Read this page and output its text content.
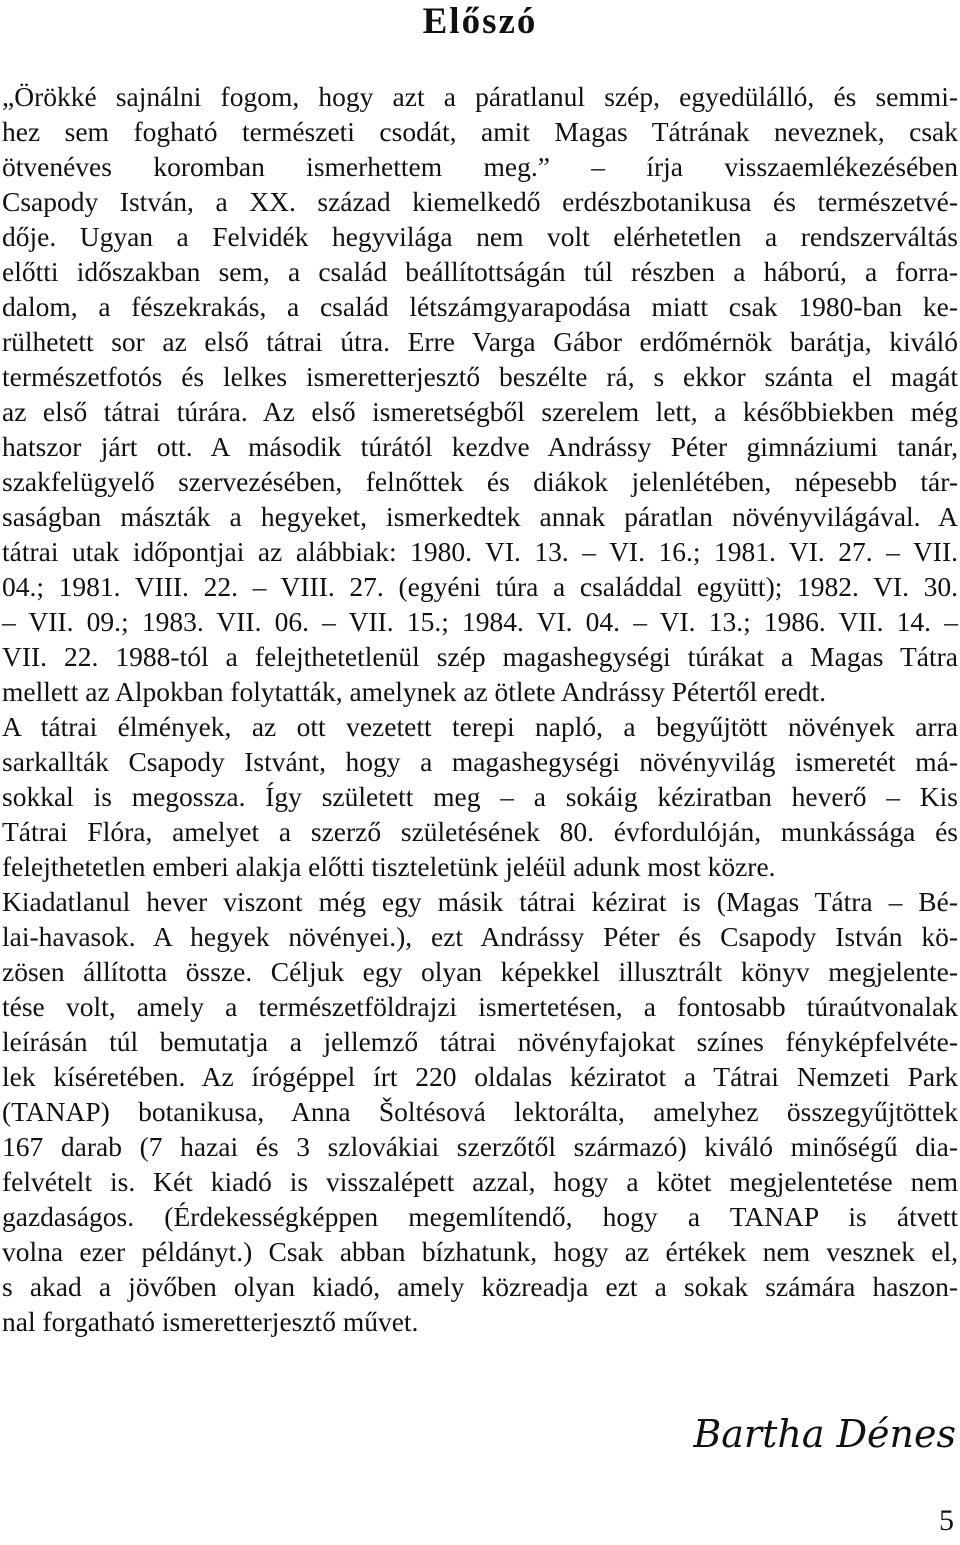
Előszó
„Örökké sajnálni fogom, hogy azt a páratlanul szép, egyedülálló, és semmi-
hez sem fogható természeti csodát, amit Magas Tátrának neveznek, csak
ötvenéves koromban ismerhettem meg.” – írja visszaemlékezésében
Csapody István, a XX. század kiemelkedő erdészbotanikusa és természetvé-
dője. Ugyan a Felvidék hegyvilága nem volt elérhetetlen a rendszerváltás
előtti időszakban sem, a család beállítottságán túl részben a háború, a forra-
dalom, a fészekrakás, a család létszámgyarapodása miatt csak 1980-ban ke-
rülhetett sor az első tátrai útra. Erre Varga Gábor erdőmérnök barátja, kiváló
természetfotós és lelkes ismeretterjesztő beszélte rá, s ekkor szánta el magát
az első tátrai túrára. Az első ismeretségből szerelem lett, a későbbiekben még
hatszor járt ott. A második túrától kezdve Andrássy Péter gimnáziumi tanár,
szakfelügyelő szervezésében, felnőttek és diákok jelenlétében, népesebb tár-
saságban mászták a hegyeket, ismerkedtek annak páratlan növényvilágával. A
tátrai utak időpontjai az alábbiak: 1980. VI. 13. – VI. 16.; 1981. VI. 27. – VII.
04.; 1981. VIII. 22. – VIII. 27. (egyéni túra a családdal együtt); 1982. VI. 30.
– VII. 09.; 1983. VII. 06. – VII. 15.; 1984. VI. 04. – VI. 13.; 1986. VII. 14. –
VII. 22. 1988-tól a felejthetetlenül szép magashegységi túrákat a Magas Tátra
mellett az Alpokban folytatták, amelynek az ötlete Andrássy Pétertől eredt.
A tátrai élmények, az ott vezetett terepi napló, a begyűjtött növények arra
sarkallták Csapody Istvánt, hogy a magashegységi növényvilág ismeretét má-
sokkal is megossza. Így született meg – a sokáig kéziratban heverő – Kis
Tátrai Flóra, amelyet a szerző születésének 80. évfordulóján, munkássága és
felejthetetlen emberi alakja előtti tiszteletünk jeléül adunk most közre.
Kiadatlanul hever viszont még egy másik tátrai kézirat is (Magas Tátra – Bé-
lai-havasok. A hegyek növényei.), ezt Andrássy Péter és Csapody István kö-
zösen állította össze. Céljuk egy olyan képekkel illusztrált könyv megjelente-
tése volt, amely a természetföldrajzi ismertetésen, a fontosabb túraútvonalak
leírásán túl bemutatja a jellemző tátrai növényfajokat színes fényképfelvéte-
lek kíséretében. Az írógéppel írt 220 oldalas kéziratot a Tátrai Nemzeti Park
(TANAP) botanikusa, Anna Šoltésová lektorálta, amelyhez összegyűjtöttek
167 darab (7 hazai és 3 szlovákiai szerzőtől származó) kiváló minőségű dia-
felvételt is. Két kiadó is visszalépett azzal, hogy a kötet megjelentetése nem
gazdaságos. (Érdekességképpen megemlítendő, hogy a TANAP is átvett
volna ezer példányt.) Csak abban bízhatunk, hogy az értékek nem vesznek el,
s akad a jövőben olyan kiadó, amely közreadja ezt a sokak számára haszon-
nal forgatható ismeretterjesztő művet.

Bartha Dénes

5
